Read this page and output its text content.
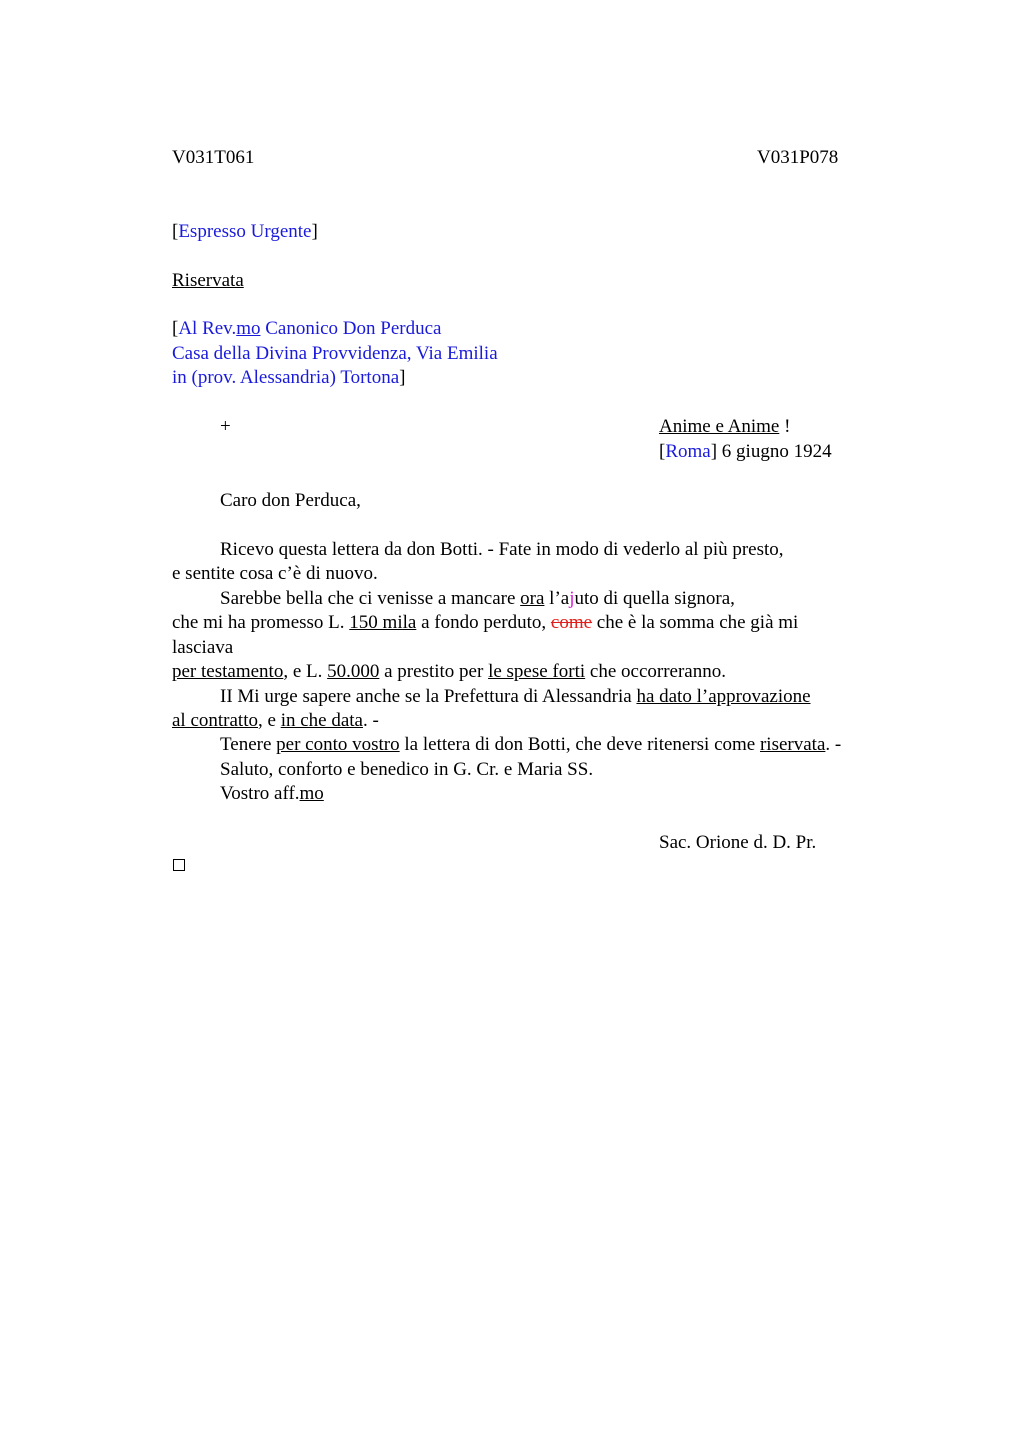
V031T061	V031P078
[Espresso Urgente]
Riservata
[Al Rev.mo Canonico Don Perduca
Casa della Divina Provvidenza, Via Emilia
in (prov. Alessandria) Tortona]
+	Anime e Anime !
[Roma] 6 giugno 1924
Caro don Perduca,
Ricevo questa lettera da don Botti. - Fate in modo di vederlo al più presto,
e sentite cosa c’è di nuovo.
Sarebbe bella che ci venisse a mancare ora l’ajuto di quella signora,
che mi ha promesso L. 150 mila a fondo perduto, come che è la somma che già mi
lasciava
per testamento, e L. 50.000 a prestito per le spese forti che occorreranno.
II Mi urge sapere anche se la Prefettura di Alessandria ha dato l’approvazione
al contratto, e in che data. -
Tenere per conto vostro la lettera di don Botti, che deve ritenersi come riservata. -
Saluto, conforto e benedico in G. Cr. e Maria SS.
Vostro aff.mo
Sac. Orione d. D. Pr.
